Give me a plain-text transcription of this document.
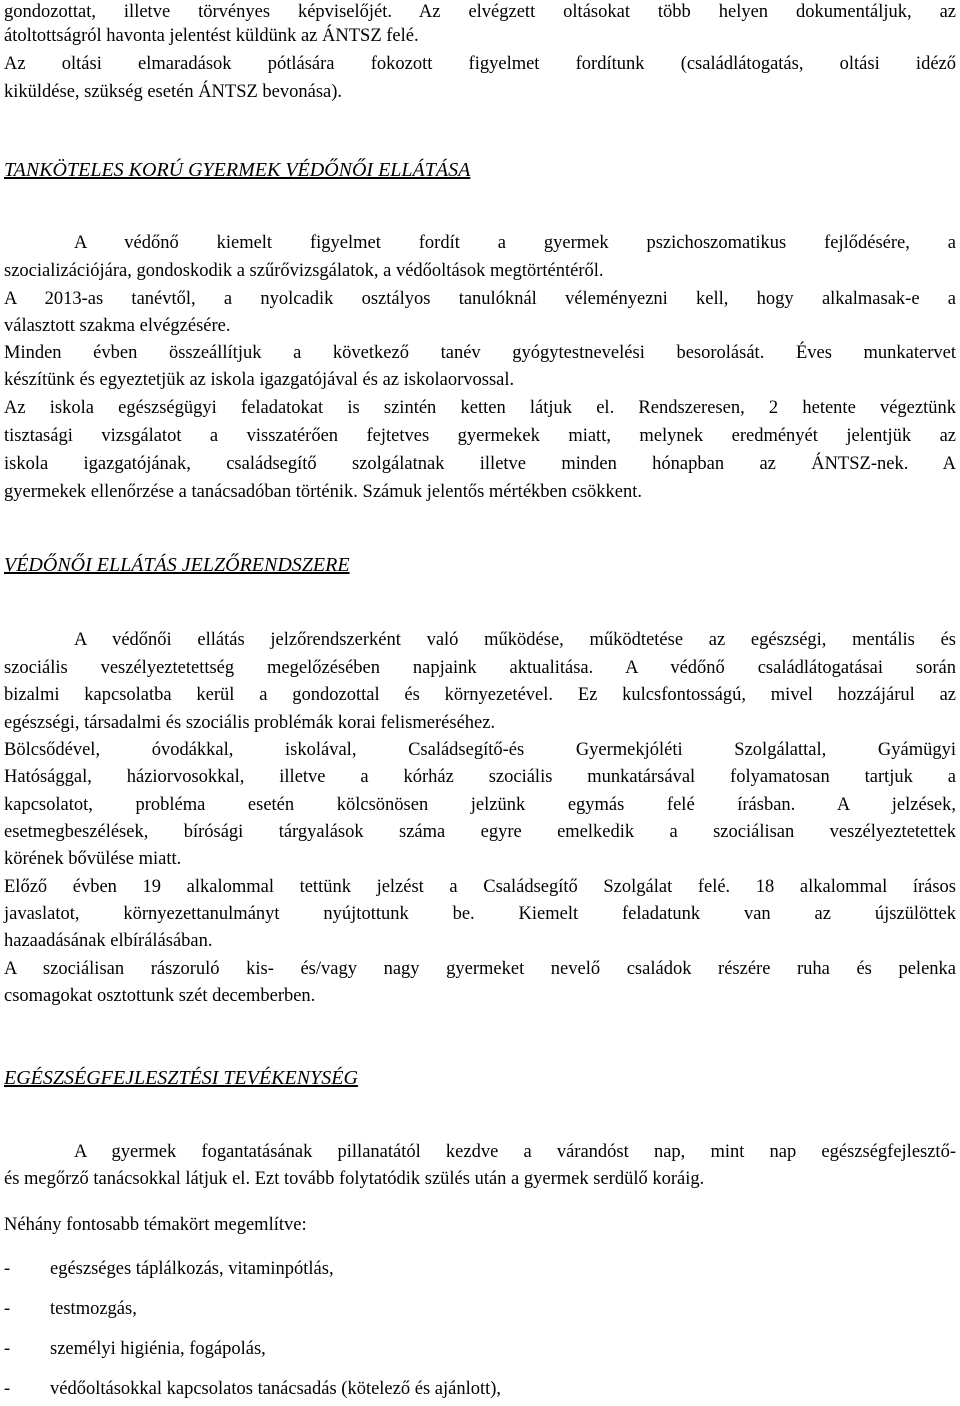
gondozottat, illetve törvényes képviselőjét. Az elvégzett oltásokat több helyen dokumentáljuk, az
átoltottságról havonta jelentést küldünk az ÁNTSZ felé.
Az oltási elmaradások pótlására fokozott figyelmet fordítunk (családlátogatás, oltási idéző
kiküldése, szükség esetén ÁNTSZ bevonása).
TANKÖTELES KORÚ GYERMEK VÉDŐNŐI ELLÁTÁSA
A védőnő kiemelt figyelmet fordít a gyermek pszichoszomatikus fejlődésére, a
szocializációjára, gondoskodik a szűrővizsgálatok, a védőoltások megtörténtéről.
A 2013-as tanévtől, a nyolcadik osztályos tanulóknál véleményezni kell, hogy alkalmasak-e a
választott szakma elvégzésére.
Minden évben összeállítjuk a következő tanév gyógytestnevelési besorolását. Éves munkatervet
készítünk és egyeztetjük az iskola igazgatójával és az iskolaorvossal.
Az iskola egészségügyi feladatokat is szintén ketten látjuk el. Rendszeresen, 2 hetente végeztünk
tisztasági vizsgálatot a visszatérően fejtetves gyermekek miatt, melynek eredményét jelentjük az
iskola igazgatójának, családsegítő szolgálatnak illetve minden hónapban az ÁNTSZ-nek. A
gyermekek ellenőrzése a tanácsadóban történik. Számuk jelentős mértékben csökkent.
VÉDŐNŐI ELLÁTÁS JELZŐRENDSZERE
A védőnői ellátás jelzőrendszerként való működése, működtetése az egészségi, mentális és
szociális veszélyeztetettség megelőzésében napjaink aktualitása. A védőnő családlátogatásai során
bizalmi kapcsolatba kerül a gondozottal és környezetével. Ez kulcsfontosságú, mivel hozzájárul az
egészségi, társadalmi és szociális problémák korai felismeréséhez.
Bölcsődével, óvodákkal, iskolával, Családsegítő-és Gyermekjóléti Szolgálattal, Gyámügyi
Hatósággal, háziorvosokkal, illetve a kórház szociális munkatársával folyamatosan tartjuk a
kapcsolatot, probléma esetén kölcsönösen jelzünk egymás felé írásban. A jelzések,
esetmegbeszélések, bírósági tárgyalások száma egyre emelkedik a szociálisan veszélyeztetettek
körének bővülése miatt.
Előző évben 19 alkalommal tettünk jelzést a Családsegítő Szolgálat felé. 18 alkalommal írásos
javaslatot, környezettanulmányt nyújtottunk be. Kiemelt feladatunk van az újszülöttek
hazaadásának elbírálásában.
A szociálisan rászoruló kis- és/vagy nagy gyermeket nevelő családok részére ruha és pelenka
csomagokat osztottunk szét decemberben.
EGÉSZSÉGFEJLESZTÉSI TEVÉKENYSÉG
A gyermek fogantatásának pillanatától kezdve a várandóst nap, mint nap egészségfejlesztő-
és megőrző tanácsokkal látjuk el. Ezt tovább folytatódik szülés után a gyermek serdülő koráig.
Néhány fontosabb témakört megemlítve:
- egészséges táplálkozás, vitaminpótlás,
- testmozgás,
- személyi higiénia, fogápolás,
- védőoltásokkal kapcsolatos tanácsadás (kötelező és ajánlott),
